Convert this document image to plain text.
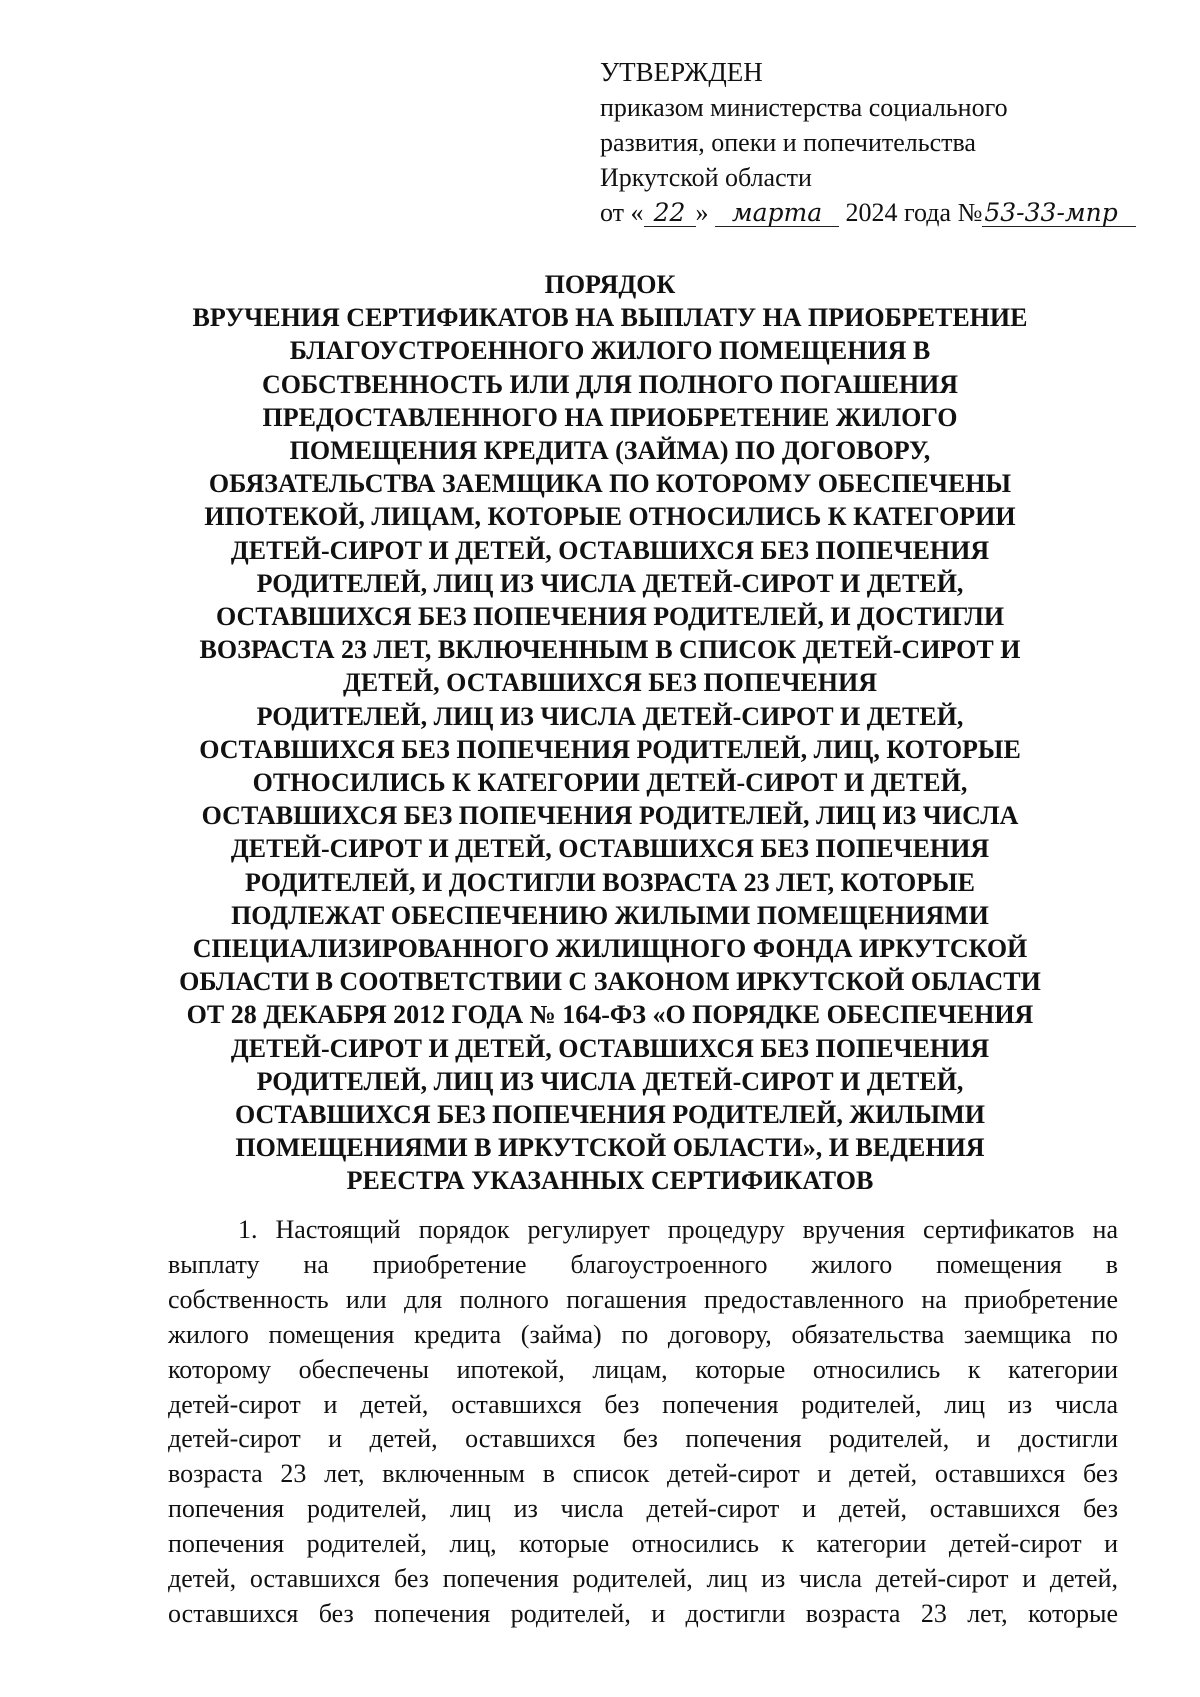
УТВЕРЖДЕН
приказом министерства социального
развития, опеки и попечительства
Иркутской области
от « 22 » марта 2024 года №53-33-мпр
ПОРЯДОК
ВРУЧЕНИЯ СЕРТИФИКАТОВ НА ВЫПЛАТУ НА ПРИОБРЕТЕНИЕ
БЛАГОУСТРОЕННОГО ЖИЛОГО ПОМЕЩЕНИЯ В
СОБСТВЕННОСТЬ ИЛИ ДЛЯ ПОЛНОГО ПОГАШЕНИЯ
ПРЕДОСТАВЛЕННОГО НА ПРИОБРЕТЕНИЕ ЖИЛОГО
ПОМЕЩЕНИЯ КРЕДИТА (ЗАЙМА) ПО ДОГОВОРУ,
ОБЯЗАТЕЛЬСТВА ЗАЕМЩИКА ПО КОТОРОМУ ОБЕСПЕЧЕНЫ
ИПОТЕКОЙ, ЛИЦАМ, КОТОРЫЕ ОТНОСИЛИСЬ К КАТЕГОРИИ
ДЕТЕЙ-СИРОТ И ДЕТЕЙ, ОСТАВШИХСЯ БЕЗ ПОПЕЧЕНИЯ
РОДИТЕЛЕЙ, ЛИЦ ИЗ ЧИСЛА ДЕТЕЙ-СИРОТ И ДЕТЕЙ,
ОСТАВШИХСЯ БЕЗ ПОПЕЧЕНИЯ РОДИТЕЛЕЙ, И ДОСТИГЛИ
ВОЗРАСТА 23 ЛЕТ, ВКЛЮЧЕННЫМ В СПИСОК ДЕТЕЙ-СИРОТ И
ДЕТЕЙ, ОСТАВШИХСЯ БЕЗ ПОПЕЧЕНИЯ
РОДИТЕЛЕЙ, ЛИЦ ИЗ ЧИСЛА ДЕТЕЙ-СИРОТ И ДЕТЕЙ,
ОСТАВШИХСЯ БЕЗ ПОПЕЧЕНИЯ РОДИТЕЛЕЙ, ЛИЦ, КОТОРЫЕ
ОТНОСИЛИСЬ К КАТЕГОРИИ ДЕТЕЙ-СИРОТ И ДЕТЕЙ,
ОСТАВШИХСЯ БЕЗ ПОПЕЧЕНИЯ РОДИТЕЛЕЙ, ЛИЦ ИЗ ЧИСЛА
ДЕТЕЙ-СИРОТ И ДЕТЕЙ, ОСТАВШИХСЯ БЕЗ ПОПЕЧЕНИЯ
РОДИТЕЛЕЙ, И ДОСТИГЛИ ВОЗРАСТА 23 ЛЕТ, КОТОРЫЕ
ПОДЛЕЖАТ ОБЕСПЕЧЕНИЮ ЖИЛЫМИ ПОМЕЩЕНИЯМИ
СПЕЦИАЛИЗИРОВАННОГО ЖИЛИЩНОГО ФОНДА ИРКУТСКОЙ
ОБЛАСТИ В СООТВЕТСТВИИ С ЗАКОНОМ ИРКУТСКОЙ ОБЛАСТИ
ОТ 28 ДЕКАБРЯ 2012 ГОДА № 164-ФЗ «О ПОРЯДКЕ ОБЕСПЕЧЕНИЯ
ДЕТЕЙ-СИРОТ И ДЕТЕЙ, ОСТАВШИХСЯ БЕЗ ПОПЕЧЕНИЯ
РОДИТЕЛЕЙ, ЛИЦ ИЗ ЧИСЛА ДЕТЕЙ-СИРОТ И ДЕТЕЙ,
ОСТАВШИХСЯ БЕЗ ПОПЕЧЕНИЯ РОДИТЕЛЕЙ, ЖИЛЫМИ
ПОМЕЩЕНИЯМИ В ИРКУТСКОЙ ОБЛАСТИ», И ВЕДЕНИЯ
РЕЕСТРА УКАЗАННЫХ СЕРТИФИКАТОВ
1. Настоящий порядок регулирует процедуру вручения сертификатов на
выплату на приобретение благоустроенного жилого помещения в
собственность или для полного погашения предоставленного на приобретение
жилого помещения кредита (займа) по договору, обязательства заемщика по
которому обеспечены ипотекой, лицам, которые относились к категории
детей-сирот и детей, оставшихся без попечения родителей, лиц из числа
детей-сирот и детей, оставшихся без попечения родителей, и достигли
возраста 23 лет, включенным в список детей-сирот и детей, оставшихся без
попечения родителей, лиц из числа детей-сирот и детей, оставшихся без
попечения родителей, лиц, которые относились к категории детей-сирот и
детей, оставшихся без попечения родителей, лиц из числа детей-сирот и детей,
оставшихся без попечения родителей, и достигли возраста 23 лет, которые
